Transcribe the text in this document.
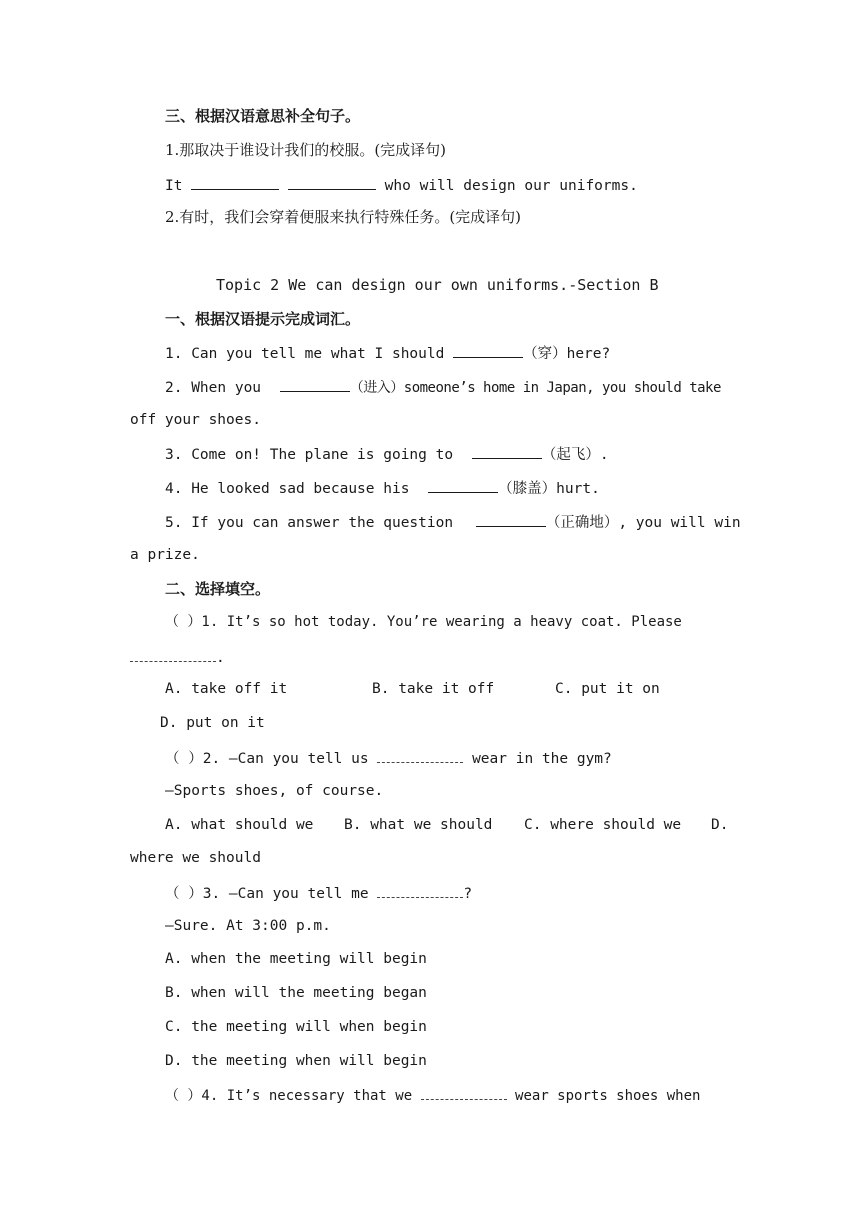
三、根据汉语意思补全句子。
1.那取决于谁设计我们的校服。(完成译句)
It	who will design our uniforms.
2.有时，我们会穿着便服来执行特殊任务。(完成译句)
Topic 2 We can design our own uniforms.-Section B
一、根据汉语提示完成词汇。
1. Can you tell me what I should	（穿）here?
2. When you	（进入）someone’s home in Japan, you should take
off your shoes.
3. Come on! The plane is going to	（起飞）.
4. He looked sad because his	（膝盖）hurt.
5. If you can answer the question	（正确地）, you will win
a prize.
二、选择填空。
（ ）1. It’s so hot today. You’re wearing a heavy coat. Please
.
A. take off it	B. take it off	C. put it on
D. put on it
（ ）2. —Can you tell us	wear in the gym?
—Sports shoes, of course.
A. what should we B. what we should C. where should we D.
where we should
（ ）3. —Can you tell me	?
—Sure. At 3:00 p.m.
A. when the meeting will begin
B. when will the meeting began
C. the meeting will when begin
D. the meeting when will begin
（ ）4. It’s necessary that we	wear sports shoes when
